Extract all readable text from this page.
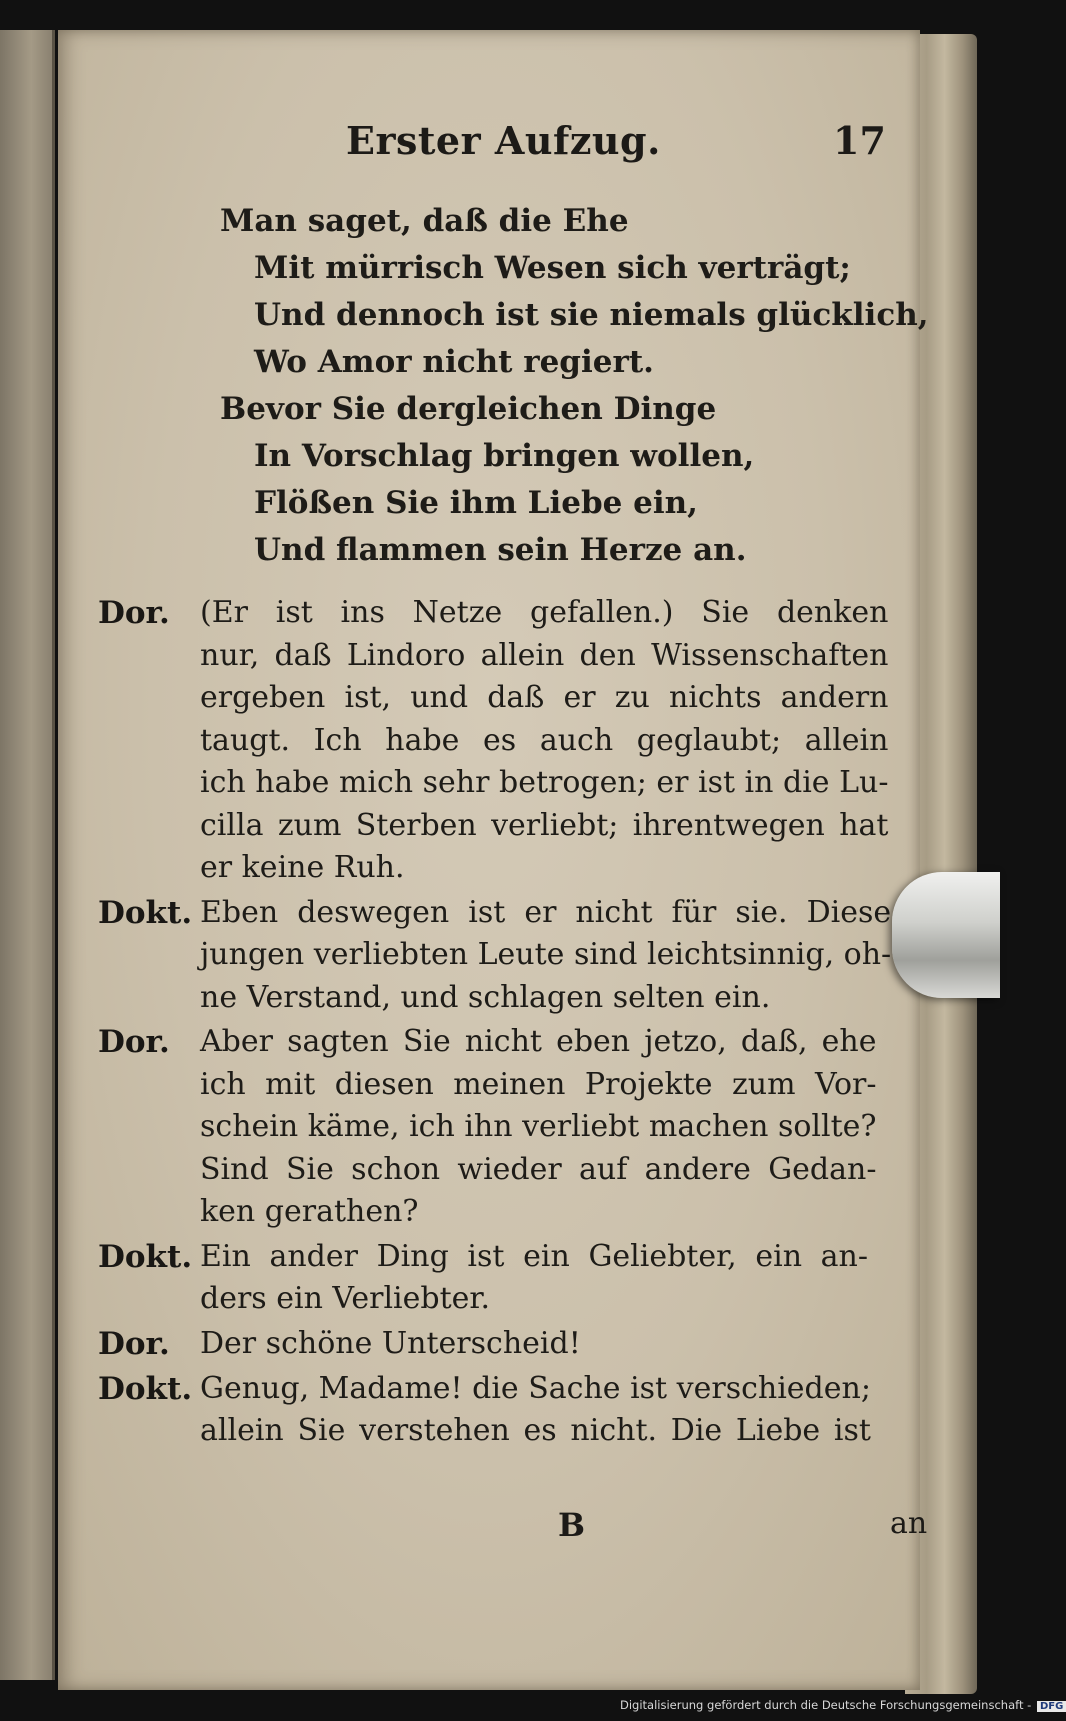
Erster Aufzug.	17
Man saget, daß die Ehe
Mit mürrisch Wesen sich verträgt;
Und dennoch ist sie niemals glücklich,
Wo Amor nicht regiert.
Bevor Sie dergleichen Dinge
In Vorschlag bringen wollen,
Flößen Sie ihm Liebe ein,
Und flammen sein Herze an.
Dor.	(Er ist ins Netze gefallen.) Sie denken
nur, daß Lindoro allein den Wissenschaften
ergeben ist, und daß er zu nichts andern
taugt. Ich habe es auch geglaubt; allein
ich habe mich sehr betrogen; er ist in die Lu-
cilla zum Sterben verliebt; ihrentwegen hat
er keine Ruh.
Dokt. Eben deswegen ist er nicht für sie. Diese
jungen verliebten Leute sind leichtsinnig, oh-
ne Verstand, und schlagen selten ein.
Dor.	Aber sagten Sie nicht eben jetzo, daß, ehe
ich mit diesen meinen Projekte zum Vor-
schein käme, ich ihn verliebt machen sollte?
Sind Sie schon wieder auf andere Gedan-
ken gerathen?
Dokt. Ein ander Ding ist ein Geliebter, ein an-
ders ein Verliebter.
Dor.	Der schöne Unterscheid!
Dokt. Genug, Madame! die Sache ist verschieden;
allein Sie verstehen es nicht. Die Liebe ist
B	an
Digitalisierung gefördert durch die Deutsche Forschungsgemeinschaft - DFG
